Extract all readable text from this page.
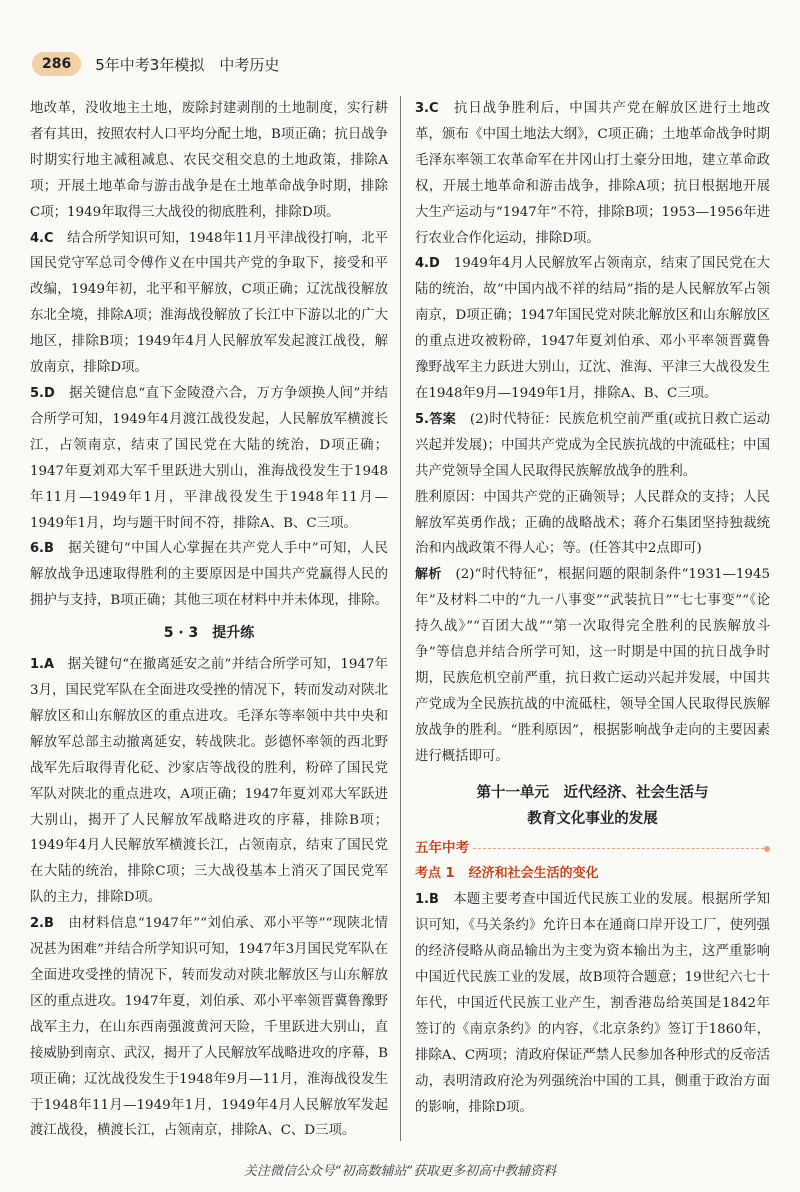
286	5年中考3年模拟　中考历史

地改革，没收地主土地，废除封建剥削的土地制度，实行耕者有其田，按照农村人口平均分配土地，B项正确；抗日战争时期实行地主减租减息、农民交租交息的土地政策，排除A项；开展土地革命与游击战争是在土地革命战争时期，排除C项；1949年取得三大战役的彻底胜利，排除D项。

4.C　 结合所学知识可知，1948年11月平津战役打响，北平国民党守军总司令傅作义在中国共产党的争取下，接受和平改编，1949年初，北平和平解放，C项正确；辽沈战役解放东北全境，排除A项；淮海战役解放了长江中下游以北的广大地区，排除B项；1949年4月人民解放军发起渡江战役，解放南京，排除D项。

5.D　 据关键信息“直下金陵澄六合，万方争颂换人间”并结合所学可知，1949年4月渡江战役发起，人民解放军横渡长江，占领南京，结束了国民党在大陆的统治，D项正确；1947年夏刘邓大军千里跃进大别山，淮海战役发生于1948年11月—1949年1月，平津战役发生于1948年11月—1949年1月，均与题干时间不符，排除A、B、C三项。

6.B　 据关键句“中国人心掌握在共产党人手中”可知，人民解放战争迅速取得胜利的主要原因是中国共产党赢得人民的拥护与支持，B项正确；其他三项在材料中并未体现，排除。

5 · 3　提升练

1.A　 据关键句“在撤离延安之前”并结合所学可知，1947年3月，国民党军队在全面进攻受挫的情况下，转而发动对陕北解放区和山东解放区的重点进攻。毛泽东等率领中共中央和解放军总部主动撤离延安，转战陕北。彭德怀率领的西北野战军先后取得青化砭、沙家店等战役的胜利，粉碎了国民党军队对陕北的重点进攻，A项正确；1947年夏刘邓大军跃进大别山，揭开了人民解放军战略进攻的序幕，排除B项；1949年4月人民解放军横渡长江，占领南京，结束了国民党在大陆的统治，排除C项；三大战役基本上消灭了国民党军队的主力，排除D项。

2.B　 由材料信息“1947年”“刘伯承、邓小平等”“现陕北情况甚为困难”并结合所学知识可知，1947年3月国民党军队在全面进攻受挫的情况下，转而发动对陕北解放区与山东解放区的重点进攻。1947年夏，刘伯承、邓小平率领晋冀鲁豫野战军主力，在山东西南强渡黄河天险，千里跃进大别山，直接威胁到南京、武汉，揭开了人民解放军战略进攻的序幕，B项正确；辽沈战役发生于1948年9月—11月，淮海战役发生于1948年11月—1949年1月，1949年4月人民解放军发起渡江战役，横渡长江，占领南京，排除A、C、D三项。

3.C　 抗日战争胜利后，中国共产党在解放区进行土地改革，颁布《中国土地法大纲》，C项正确；土地革命战争时期毛泽东率领工农革命军在井冈山打土豪分田地，建立革命政权，开展土地革命和游击战争，排除A项；抗日根据地开展大生产运动与“1947年”不符，排除B项；1953—1956年进行农业合作化运动，排除D项。

4.D　 1949年4月人民解放军占领南京，结束了国民党在大陆的统治，故“中国内战不祥的结局”指的是人民解放军占领南京，D项正确；1947年国民党对陕北解放区和山东解放区的重点进攻被粉碎，1947年夏刘伯承、邓小平率领晋冀鲁豫野战军主力跃进大别山，辽沈、淮海、平津三大战役发生在1948年9月—1949年1月，排除A、B、C三项。

5.答案　 (2)时代特征：民族危机空前严重(或抗日救亡运动兴起并发展)；中国共产党成为全民族抗战的中流砥柱；中国共产党领导全国人民取得民族解放战争的胜利。

胜利原因：中国共产党的正确领导；人民群众的支持；人民解放军英勇作战；正确的战略战术；蒋介石集团坚持独裁统治和内战政策不得人心；等。(任答其中2点即可)

解析　 (2)“时代特征”，根据问题的限制条件“1931—1945年”及材料二中的“九一八事变”“武装抗日”“七七事变”“《论持久战》”“百团大战”“第一次取得完全胜利的民族解放斗争”等信息并结合所学可知，这一时期是中国的抗日战争时期，民族危机空前严重，抗日救亡运动兴起并发展，中国共产党成为全民族抗战的中流砥柱，领导全国人民取得民族解放战争的胜利。“胜利原因”，根据影响战争走向的主要因素进行概括即可。

第十一单元　近代经济、社会生活与
教育文化事业的发展
五年中考
考点 1 经济和社会生活的变化

1.B　 本题主要考查中国近代民族工业的发展。根据所学知识可知，《马关条约》允许日本在通商口岸开设工厂，使列强的经济侵略从商品输出为主变为资本输出为主，这严重影响中国近代民族工业的发展，故B项符合题意；19世纪六七十年代，中国近代民族工业产生，割香港岛给英国是1842年签订的《南京条约》的内容，《北京条约》签订于1860年，排除A、C两项；清政府保证严禁人民参加各种形式的反帝活动，表明清政府沦为列强统治中国的工具，侧重于政治方面的影响，排除D项。

关注微信公众号“初高数辅站”获取更多初高中教辅资料
